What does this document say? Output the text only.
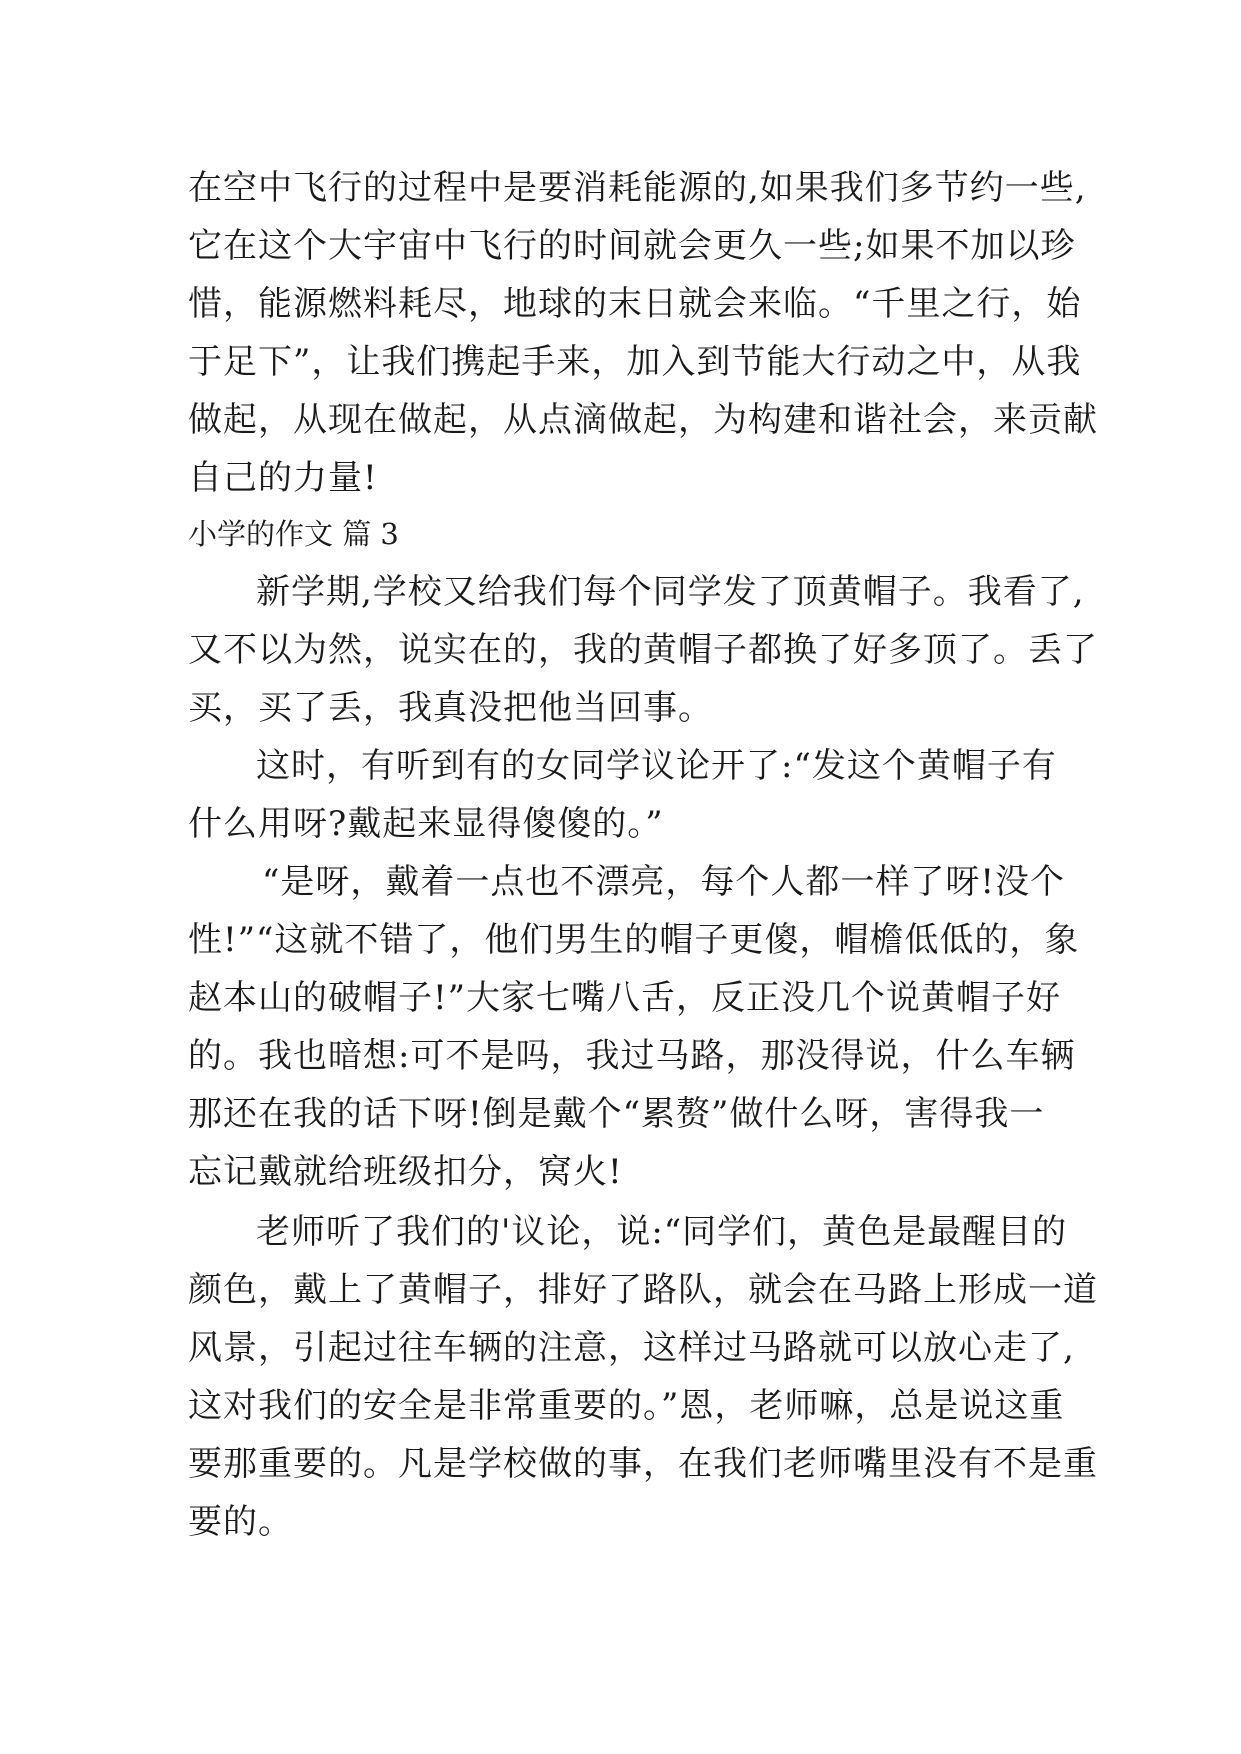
在空中飞行的过程中是要消耗能源的,如果我们多节约一些,
它在这个大宇宙中飞行的时间就会更久一些;如果不加以珍
惜，能源燃料耗尽，地球的末日就会来临。“千里之行，始
于足下”，让我们携起手来，加入到节能大行动之中，从我
做起，从现在做起，从点滴做起，为构建和谐社会，来贡献
自己的力量!
小学的作文 篇 3
新学期,学校又给我们每个同学发了顶黄帽子。我看了,
又不以为然，说实在的，我的黄帽子都换了好多顶了。丢了
买，买了丢，我真没把他当回事。
这时，有听到有的女同学议论开了:“发这个黄帽子有
什么用呀?戴起来显得傻傻的。”
“是呀，戴着一点也不漂亮，每个人都一样了呀!没个
性!”“这就不错了，他们男生的帽子更傻，帽檐低低的，象
赵本山的破帽子!”大家七嘴八舌，反正没几个说黄帽子好
的。我也暗想:可不是吗，我过马路，那没得说，什么车辆
那还在我的话下呀!倒是戴个“累赘”做什么呀，害得我一
忘记戴就给班级扣分，窝火!
老师听了我们的'议论，说:“同学们，黄色是最醒目的
颜色，戴上了黄帽子，排好了路队，就会在马路上形成一道
风景，引起过往车辆的注意，这样过马路就可以放心走了,
这对我们的安全是非常重要的。”恩，老师嘛，总是说这重
要那重要的。凡是学校做的事，在我们老师嘴里没有不是重
要的。
